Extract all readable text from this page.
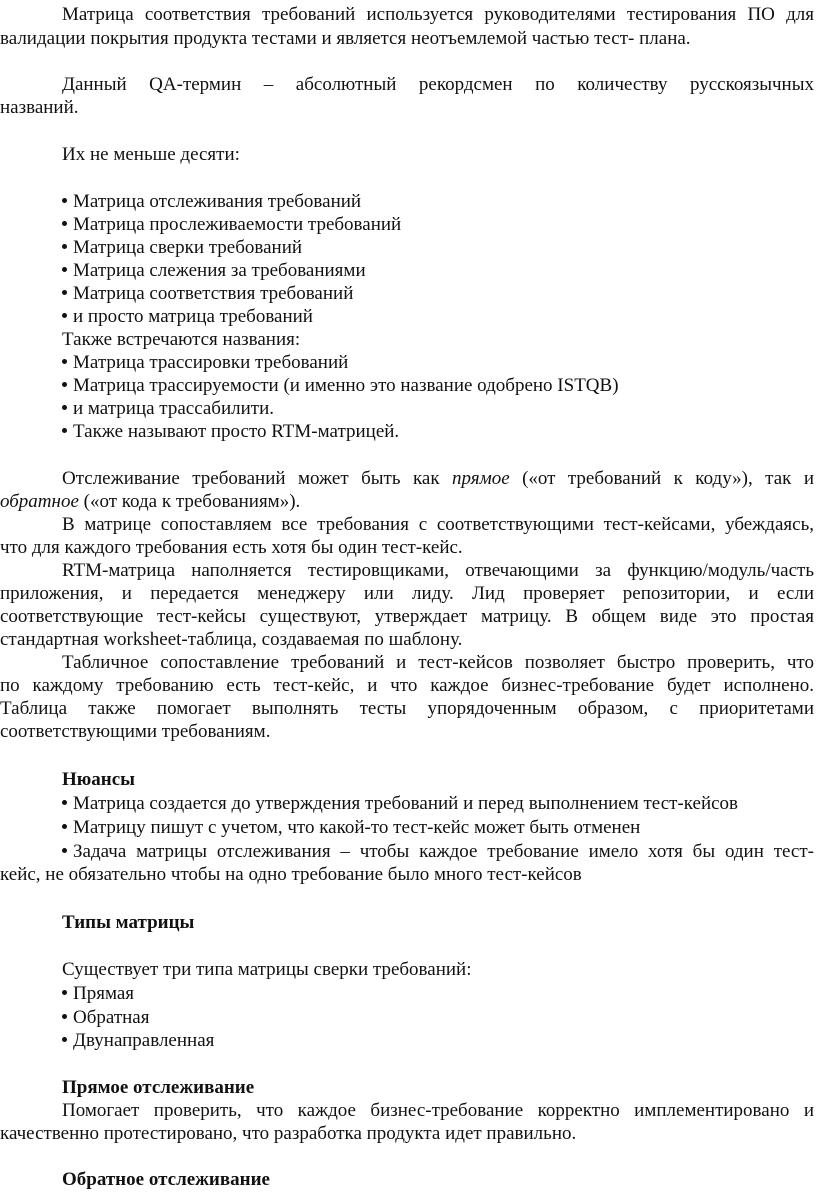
Матрица соответствия требований используется руководителями тестирования ПО для
валидации покрытия продукта тестами и является неотъемлемой частью тест- плана.
Данный QA-термин – абсолютный рекордсмен по количеству русскоязычных
названий.
Их не меньше десяти:
Матрица отслеживания требований
Матрица прослеживаемости требований
Матрица сверки требований
Матрица слежения за требованиями
Матрица соответствия требований
и просто матрица требований
Также встречаются названия:
Матрица трассировки требований
Матрица трассируемости (и именно это название одобрено ISTQB)
и матрица трассабилити.
Также называют просто RTM-матрицей.
Отслеживание требований может быть как прямое («от требований к коду»), так и
обратное («от кода к требованиям»).
В матрице сопоставляем все требования с соответствующими тест-кейсами, убеждаясь,
что для каждого требования есть хотя бы один тест-кейс.
RTM-матрица наполняется тестировщиками, отвечающими за функцию/модуль/часть
приложения, и передается менеджеру или лиду. Лид проверяет репозитории, и если
соответствующие тест-кейсы существуют, утверждает матрицу. В общем виде это простая
стандартная worksheet-таблица, создаваемая по шаблону.
Табличное сопоставление требований и тест-кейсов позволяет быстро проверить, что
по каждому требованию есть тест-кейс, и что каждое бизнес-требование будет исполнено.
Таблица также помогает выполнять тесты упорядоченным образом, с приоритетами
соответствующими требованиям.
Нюансы
Матрица создается до утверждения требований и перед выполнением тест-кейсов
Матрицу пишут с учетом, что какой-то тест-кейс может быть отменен
Задача матрицы отслеживания – чтобы каждое требование имело хотя бы один тест-
кейс, не обязательно чтобы на одно требование было много тест-кейсов
Типы матрицы
Существует три типа матрицы сверки требований:
Прямая
Обратная
Двунаправленная
Прямое отслеживание
Помогает проверить, что каждое бизнес-требование корректно имплементировано и
качественно протестировано, что разработка продукта идет правильно.
Обратное отслеживание
